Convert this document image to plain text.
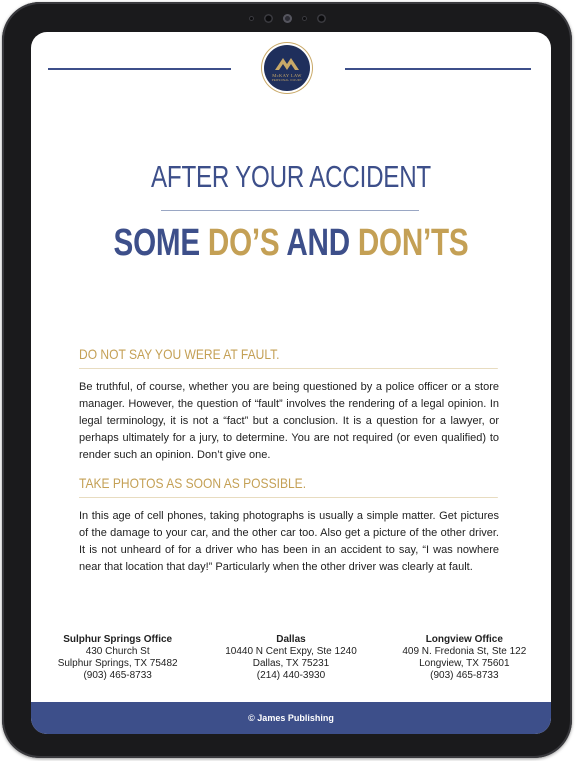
McKAY LAW
PERSONAL INJURY
AFTER YOUR ACCIDENT
SOME DO’S AND DON’TS
DO NOT SAY YOU WERE AT FAULT.
Be truthful, of course, whether you are being questioned by a police officer or a store manager. However, the question of “fault” involves the rendering of a legal opinion. In legal terminology, it is not a “fact” but a conclusion. It is a question for a lawyer, or perhaps ultimately for a jury, to determine. You are not required (or even qualified) to render such an opinion. Don’t give one.
TAKE PHOTOS AS SOON AS POSSIBLE.
In this age of cell phones, taking photographs is usually a simple matter. Get pictures of the damage to your car, and the other car too. Also get a picture of the other driver. It is not unheard of for a driver who has been in an accident to say, “I was nowhere near that location that day!” Particularly when the other driver was clearly at fault.
Sulphur Springs Office
430 Church St
Sulphur Springs, TX 75482
(903) 465-8733
Dallas
10440 N Cent Expy, Ste 1240
Dallas, TX 75231
(214) 440-3930
Longview Office
409 N. Fredonia St, Ste 122
Longview, TX 75601
(903) 465-8733
© James Publishing
